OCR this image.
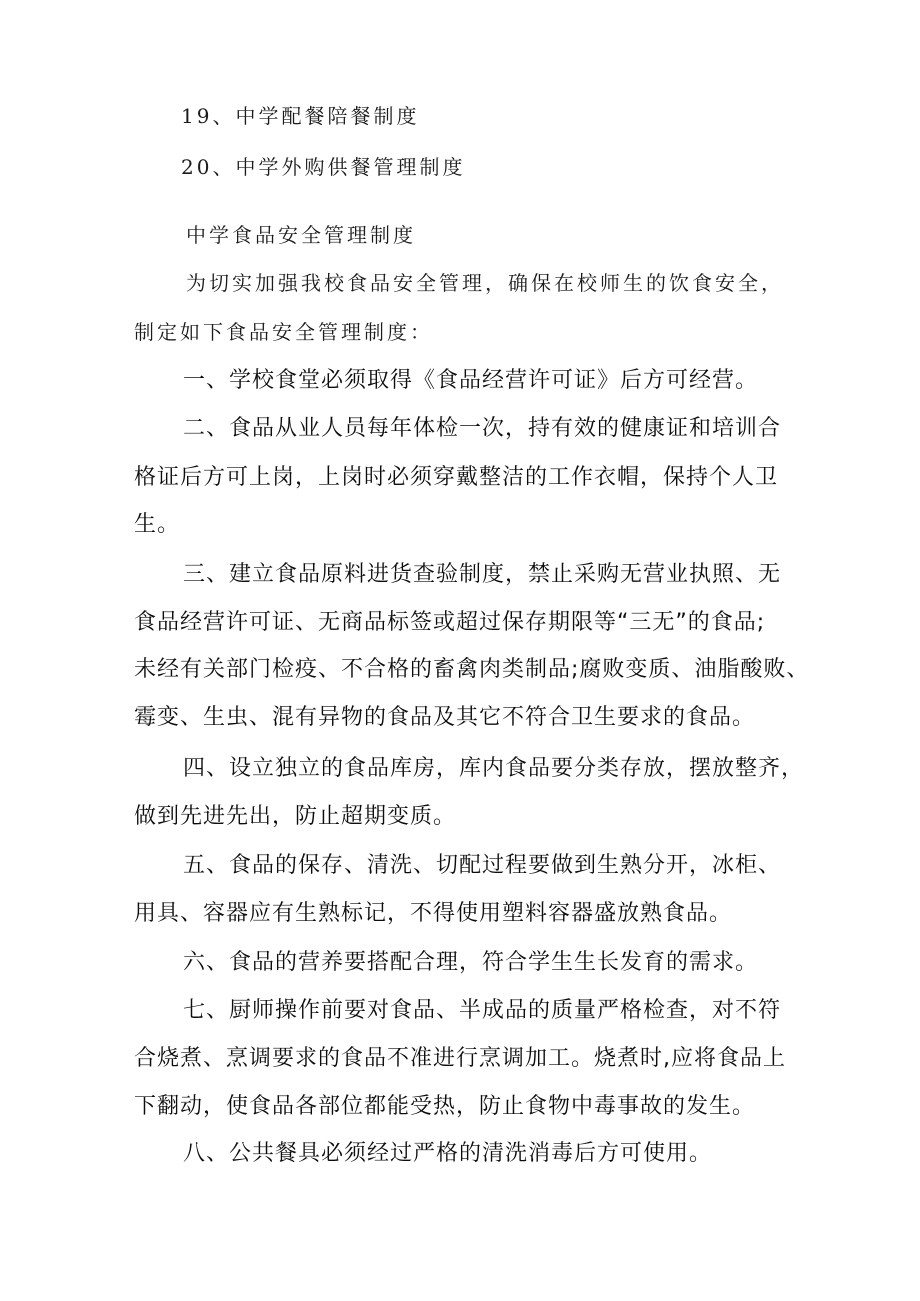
19、中学配餐陪餐制度
20、中学外购供餐管理制度
中学食品安全管理制度
为切实加强我校食品安全管理，确保在校师生的饮食安全，
制定如下食品安全管理制度：
一、学校食堂必须取得《食品经营许可证》后方可经营。
二、食品从业人员每年体检一次，持有效的健康证和培训合
格证后方可上岗，上岗时必须穿戴整洁的工作衣帽，保持个人卫
生。
三、建立食品原料进货查验制度，禁止采购无营业执照、无
食品经营许可证、无商品标签或超过保存期限等“三无”的食品;
未经有关部门检疫、不合格的畜禽肉类制品;腐败变质、油脂酸败、
霉变、生虫、混有异物的食品及其它不符合卫生要求的食品。
四、设立独立的食品库房，库内食品要分类存放，摆放整齐，
做到先进先出，防止超期变质。
五、食品的保存、清洗、切配过程要做到生熟分开，冰柜、
用具、容器应有生熟标记，不得使用塑料容器盛放熟食品。
六、食品的营养要搭配合理，符合学生生长发育的需求。
七、厨师操作前要对食品、半成品的质量严格检查，对不符
合烧煮、烹调要求的食品不准进行烹调加工。烧煮时,应将食品上
下翻动，使食品各部位都能受热，防止食物中毒事故的发生。
八、公共餐具必须经过严格的清洗消毒后方可使用。
